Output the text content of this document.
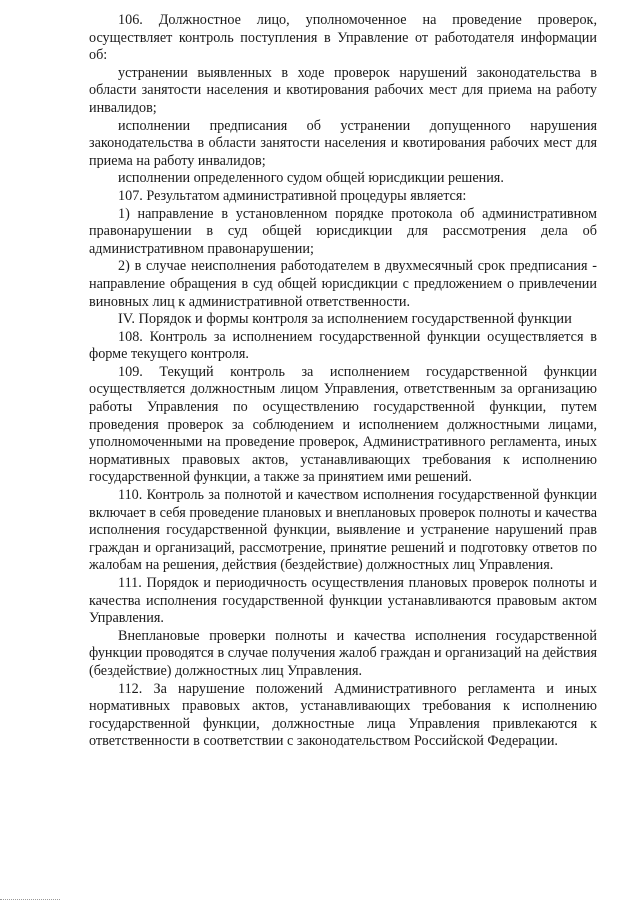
106. Должностное лицо, уполномоченное на проведение проверок, осуществляет контроль поступления в Управление от работодателя информации об:

устранении выявленных в ходе проверок нарушений законодательства в области занятости населения и квотирования рабочих мест для приема на работу инвалидов;

исполнении предписания об устранении допущенного нарушения законодательства в области занятости населения и квотирования рабочих мест для приема на работу инвалидов;

исполнении определенного судом общей юрисдикции решения.

107. Результатом административной процедуры является:

1) направление в установленном порядке протокола об административном правонарушении в суд общей юрисдикции для рассмотрения дела об административном правонарушении;

2) в случае неисполнения работодателем в двухмесячный срок предписания - направление обращения в суд общей юрисдикции с предложением о привлечении виновных лиц к административной ответственности.

IV. Порядок и формы контроля за исполнением государственной функции

108. Контроль за исполнением государственной функции осуществляется в форме текущего контроля.

109. Текущий контроль за исполнением государственной функции осуществляется должностным лицом Управления, ответственным за организацию работы Управления по осуществлению государственной функции, путем проведения проверок за соблюдением и исполнением должностными лицами, уполномоченными на проведение проверок, Административного регламента, иных нормативных правовых актов, устанавливающих требования к исполнению государственной функции, а также за принятием ими решений.

110. Контроль за полнотой и качеством исполнения государственной функции включает в себя проведение плановых и внеплановых проверок полноты и качества исполнения государственной функции, выявление и устранение нарушений прав граждан и организаций, рассмотрение, принятие решений и подготовку ответов по жалобам на решения, действия (бездействие) должностных лиц Управления.

111. Порядок и периодичность осуществления плановых проверок полноты и качества исполнения государственной функции устанавливаются правовым актом Управления.

Внеплановые проверки полноты и качества исполнения государственной функции проводятся в случае получения жалоб граждан и организаций на действия (бездействие) должностных лиц Управления.

112. За нарушение положений Административного регламента и иных нормативных правовых актов, устанавливающих требования к исполнению государственной функции, должностные лица Управления привлекаются к ответственности в соответствии с законодательством Российской Федерации.
